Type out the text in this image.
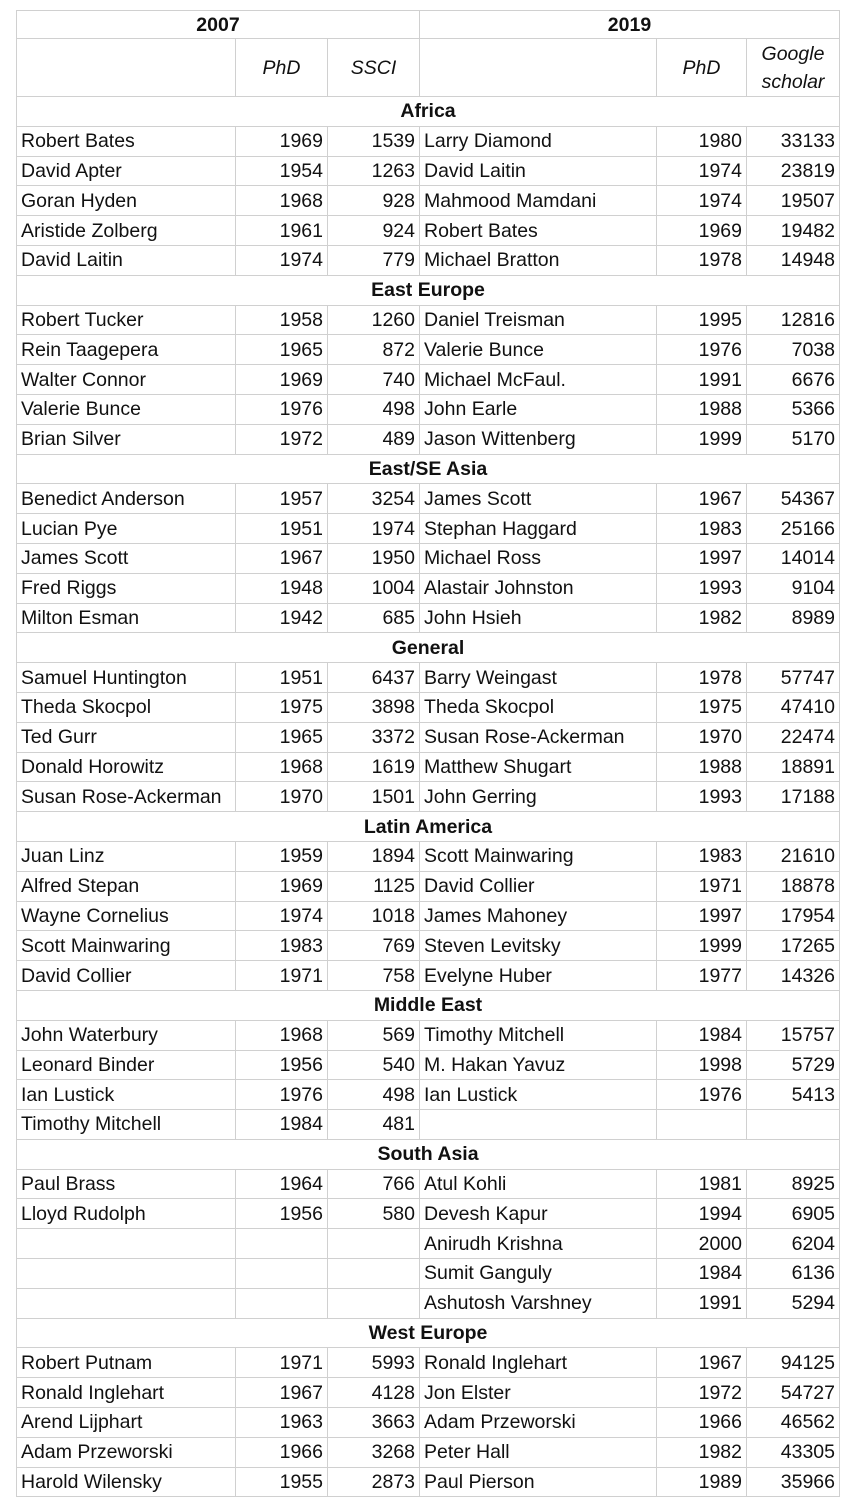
2007			2019		
	PhD	SSCI		PhD	Google scholar
Africa					
Robert Bates	1969	1539	Larry Diamond	1980	33133
David Apter	1954	1263	David Laitin	1974	23819
Goran Hyden	1968	928	Mahmood Mamdani	1974	19507
Aristide Zolberg	1961	924	Robert Bates	1969	19482
David Laitin	1974	779	Michael Bratton	1978	14948
East Europe					
Robert Tucker	1958	1260	Daniel Treisman	1995	12816
Rein Taagepera	1965	872	Valerie Bunce	1976	7038
Walter Connor	1969	740	Michael McFaul.	1991	6676
Valerie Bunce	1976	498	John Earle	1988	5366
Brian Silver	1972	489	Jason Wittenberg	1999	5170
East/SE Asia					
Benedict Anderson	1957	3254	James Scott	1967	54367
Lucian Pye	1951	1974	Stephan Haggard	1983	25166
James Scott	1967	1950	Michael Ross	1997	14014
Fred Riggs	1948	1004	Alastair Johnston	1993	9104
Milton Esman	1942	685	John Hsieh	1982	8989
General					
Samuel Huntington	1951	6437	Barry Weingast	1978	57747
Theda Skocpol	1975	3898	Theda Skocpol	1975	47410
Ted Gurr	1965	3372	Susan Rose-Ackerman	1970	22474
Donald Horowitz	1968	1619	Matthew Shugart	1988	18891
Susan Rose-Ackerman	1970	1501	John Gerring	1993	17188
Latin America					
Juan Linz	1959	1894	Scott Mainwaring	1983	21610
Alfred Stepan	1969	1125	David Collier	1971	18878
Wayne Cornelius	1974	1018	James Mahoney	1997	17954
Scott Mainwaring	1983	769	Steven Levitsky	1999	17265
David Collier	1971	758	Evelyne Huber	1977	14326
Middle East					
John Waterbury	1968	569	Timothy Mitchell	1984	15757
Leonard Binder	1956	540	M. Hakan Yavuz	1998	5729
Ian Lustick	1976	498	Ian Lustick	1976	5413
Timothy Mitchell	1984	481			
South Asia					
Paul Brass	1964	766	Atul Kohli	1981	8925
Lloyd Rudolph	1956	580	Devesh Kapur	1994	6905
			Anirudh Krishna	2000	6204
			Sumit Ganguly	1984	6136
			Ashutosh Varshney	1991	5294
West Europe					
Robert Putnam	1971	5993	Ronald Inglehart	1967	94125
Ronald Inglehart	1967	4128	Jon Elster	1972	54727
Arend Lijphart	1963	3663	Adam Przeworski	1966	46562
Adam Przeworski	1966	3268	Peter Hall	1982	43305
Harold Wilensky	1955	2873	Paul Pierson	1989	35966
